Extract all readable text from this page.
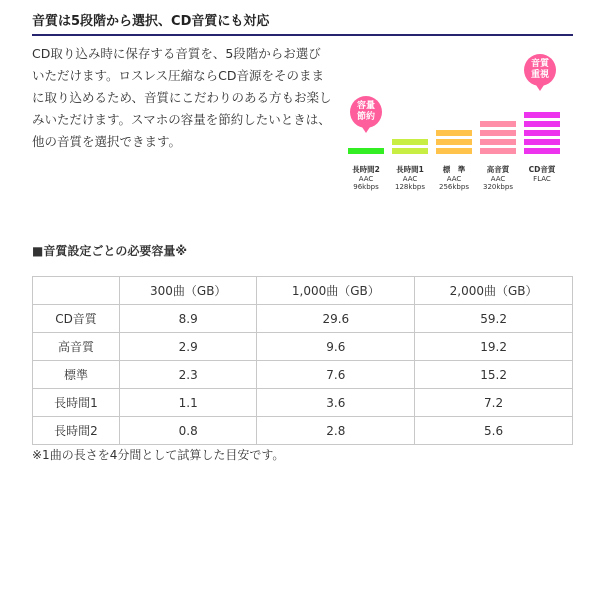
音質は5段階から選択、CD音質にも対応
CD取り込み時に保存する音質を、5段階からお選びいただけます。ロスレス圧縮ならCD音源をそのままに取り込めるため、音質にこだわりのある方もお楽しみいただけます。スマホの容量を節約したいときは、他の音質を選択できます。
容量
節約
音質
重視
長時間2
AAC
96kbps
長時間1
AAC
128kbps
標　準
AAC
256kbps
高音質
AAC
320kbps
CD音質
FLAC
■音質設定ごとの必要容量※
	300曲（GB）	1,000曲（GB）	2,000曲（GB）
CD音質	8.9	29.6	59.2
高音質	2.9	9.6	19.2
標準	2.3	7.6	15.2
長時間1	1.1	3.6	7.2
長時間2	0.8	2.8	5.6
※1曲の長さを4分間として試算した目安です。
